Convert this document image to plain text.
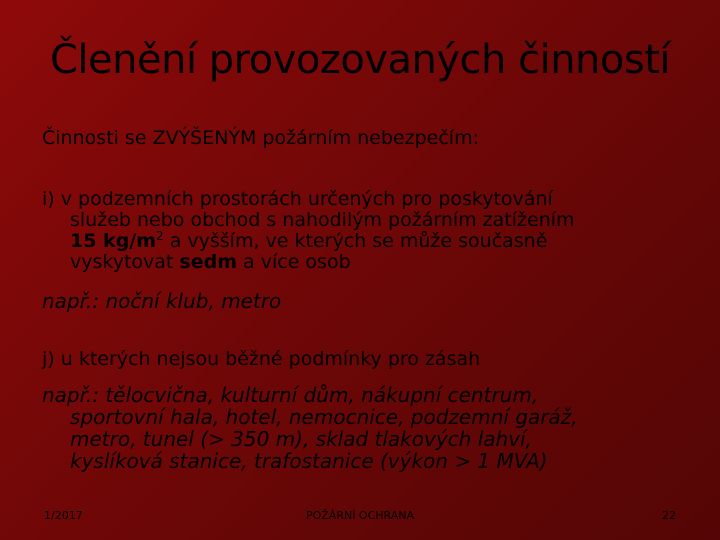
Členění provozovaných činností

Činnosti se ZVÝŠENÝM požárním nebezpečím:

i) v podzemních prostorách určených pro poskytování
služeb nebo obchod s nahodilým požárním zatížením
15 $kg/m^2$ a vyšším, ve kterých se může současně
vyskytovat sedm a více osob

např.: noční klub, metro

j) u kterých nejsou běžné podmínky pro zásah

např.: tělocvična, kulturní dům, nákupní centrum,
sportovní hala, hotel, nemocnice, podzemní garáž,
metro, tunel (> 350 m), sklad tlakových lahví,
kyslíková stanice, trafostanice (výkon > 1 MVA)

1/2017	POŽÁRNÍ OCHRANA	22
